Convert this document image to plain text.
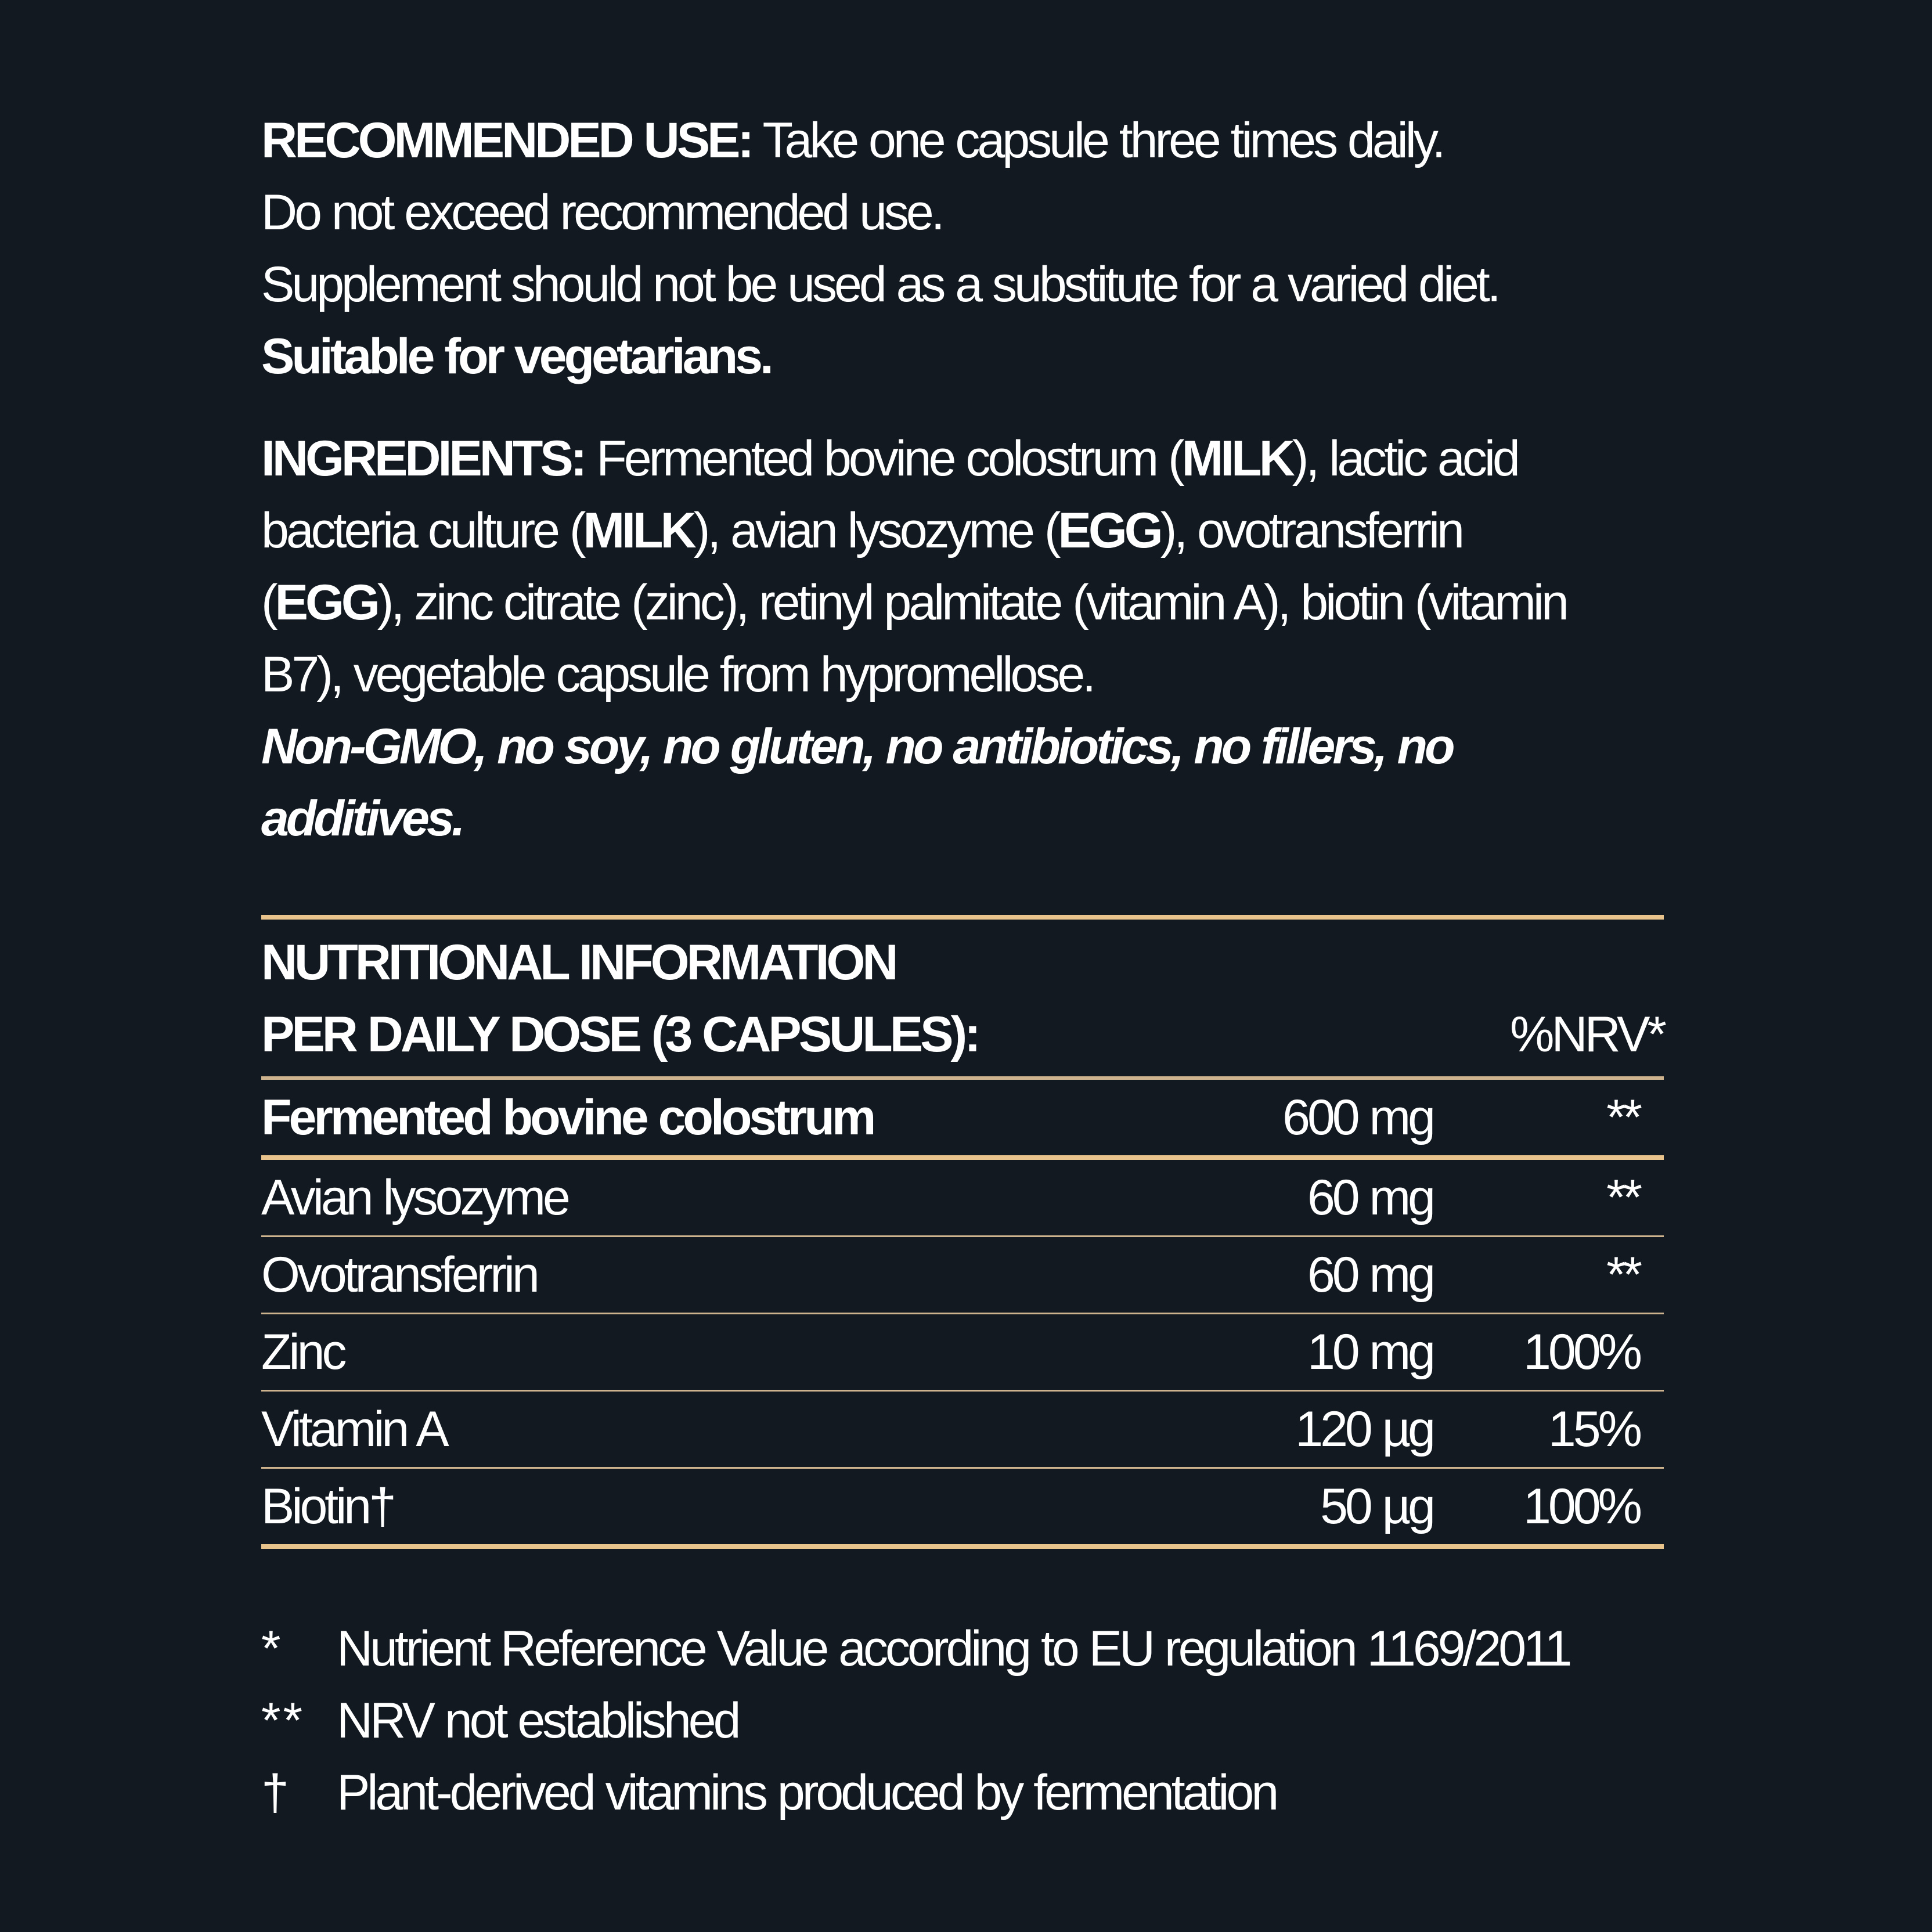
RECOMMENDED USE: Take one capsule three times daily.

Do not exceed recommended use.

Supplement should not be used as a substitute for a varied diet.

Suitable for vegetarians.

INGREDIENTS: Fermented bovine colostrum (MILK), lactic acid bacteria culture (MILK), avian lysozyme (EGG), ovotransferrin (EGG), zinc citrate (zinc), retinyl palmitate (vitamin A), biotin (vitamin B7), vegetable capsule from hypromellose.

Non-GMO, no soy, no gluten, no antibiotics, no fillers, no additives.

NUTRITIONAL INFORMATION
PER DAILY DOSE (3 CAPSULES):	%NRV*
Fermented bovine colostrum	600 mg	**
Avian lysozyme	60 mg	**
Ovotransferrin	60 mg	**
Zinc	10 mg 100%
Vitamin A	120 µg 15%
Biotin†	50 µg 100%
* Nutrient Reference Value according to EU regulation 1169/2011
** NRV not established
† Plant-derived vitamins produced by fermentation
